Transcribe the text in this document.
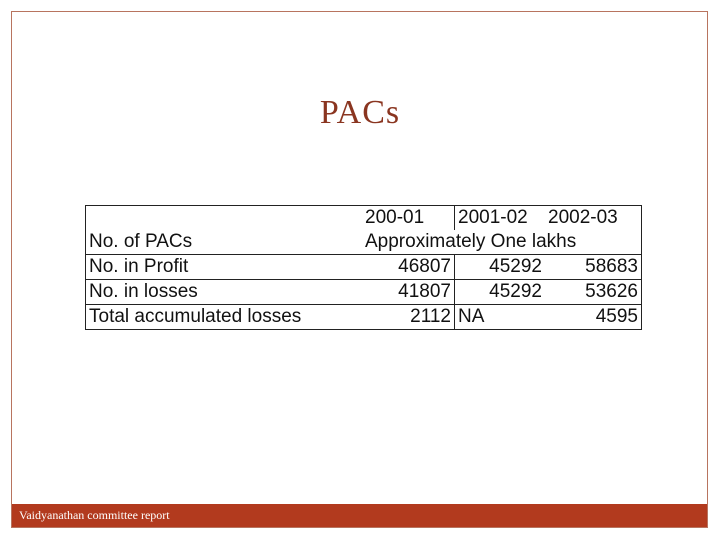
PACs
	200-01	2001-02	2002-03
No. of PACs	Approximately One lakhs		
No. in Profit	46807	45292	58683
No. in losses	41807	45292	53626
Total accumulated losses	2112	NA	4595
Vaidyanathan committee report
